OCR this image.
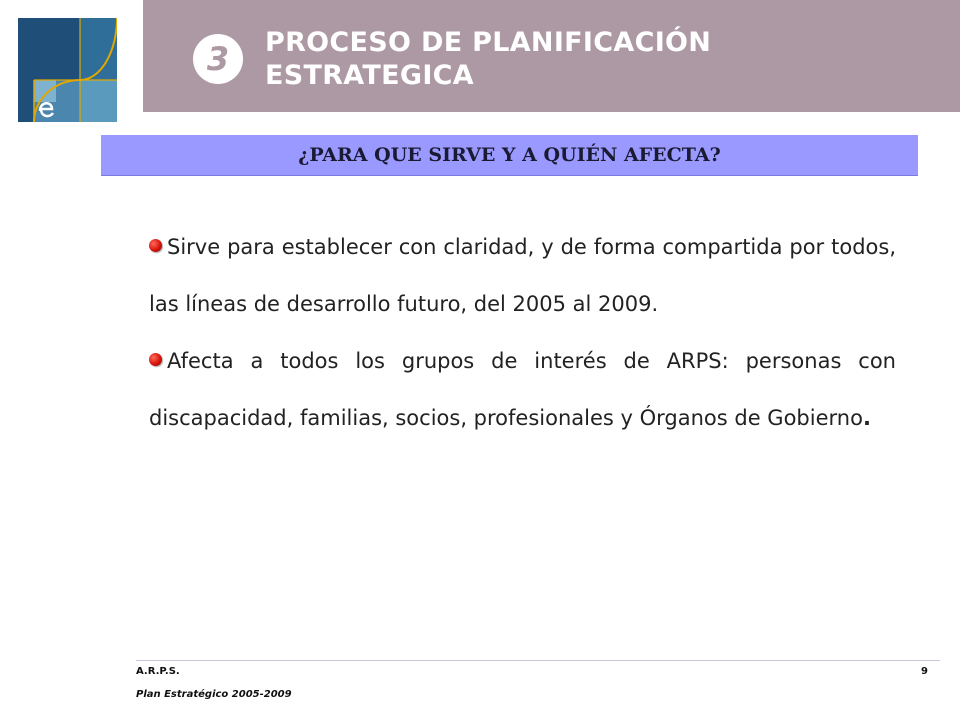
3 PROCESO DE PLANIFICACIÓN
ESTRATEGICA
¿PARA QUE SIRVE Y A QUIÉN AFECTA?

Sirve para establecer con claridad, y de forma compartida por todos, las líneas de desarrollo futuro, del 2005 al 2009.

Afecta a todos los grupos de interés de ARPS: personas con discapacidad, familias, socios, profesionales y Órganos de Gobierno.

A.R.P.S.
Plan Estratégico 2005-2009
9
